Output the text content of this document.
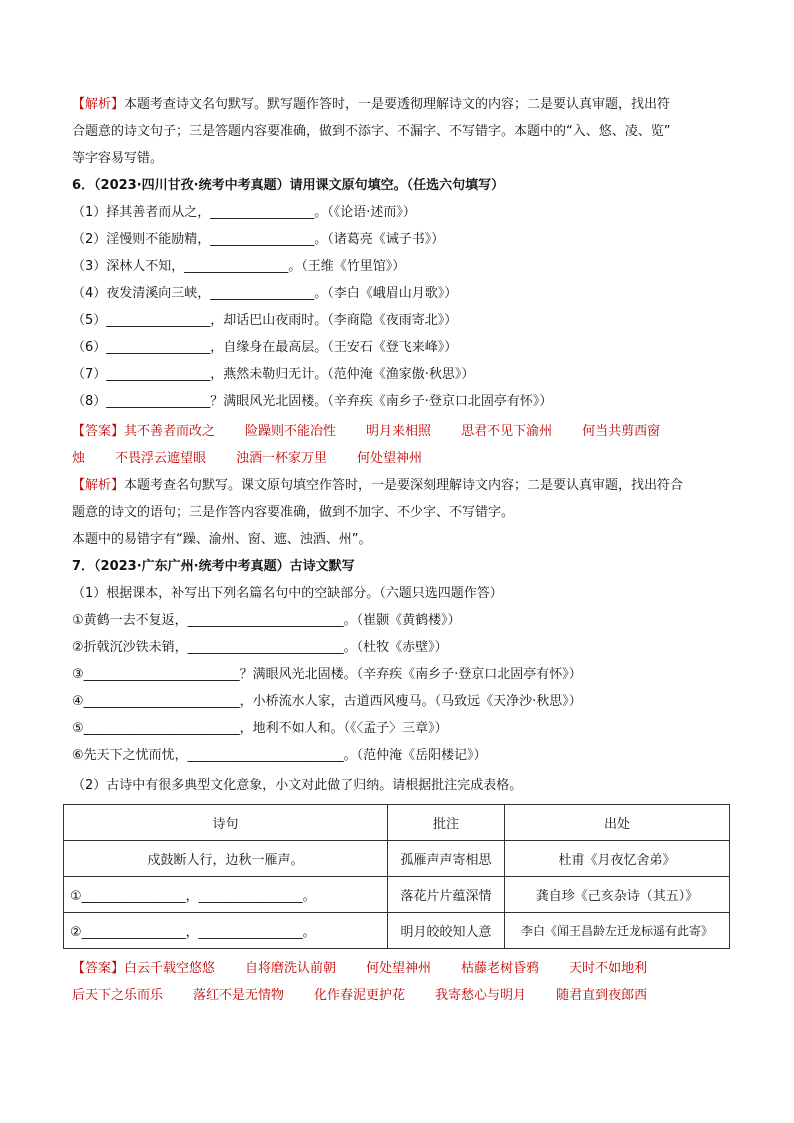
【解析】本题考查诗文名句默写。默写题作答时，一是要透彻理解诗文的内容；二是要认真审题，找出符
合题意的诗文句子；三是答题内容要准确，做到不添字、不漏字、不写错字。本题中的“入、悠、凌、览”
等字容易写错。
6．（2023·四川甘孜·统考中考真题）请用课文原句填空。（任选六句填写）
（1）择其善者而从之，________________。（《论语·述而》）
（2）淫慢则不能励精，________________。（诸葛亮《诫子书》）
（3）深林人不知，________________。（王维《竹里馆》）
（4）夜发清溪向三峡，________________。（李白《峨眉山月歌》）
（5）________________，却话巴山夜雨时。（李商隐《夜雨寄北》）
（6）________________，自缘身在最高层。（王安石《登飞来峰》）
（7）________________，燕然未勒归无计。（范仲淹《渔家傲·秋思》）
（8）________________？满眼风光北固楼。（辛弃疾《南乡子·登京口北固亭有怀》）
【答案】其不善者而改之 险躁则不能冶性 明月来相照 思君不见下渝州 何当共剪西窗
烛 不畏浮云遮望眼 浊酒一杯家万里 何处望神州
【解析】本题考查名句默写。课文原句填空作答时，一是要深刻理解诗文内容；二是要认真审题，找出符合
题意的诗文的语句；三是作答内容要准确，做到不加字、不少字、不写错字。
本题中的易错字有“躁、渝州、窗、遮、浊酒、州”。
7．（2023·广东广州·统考中考真题）古诗文默写
（1）根据课本，补写出下列名篇名句中的空缺部分。（六题只选四题作答）
①黄鹤一去不复返，________________________。（崔颢《黄鹤楼》）
②折戟沉沙铁未销，________________________。（杜牧《赤壁》）
③________________________？满眼风光北固楼。（辛弃疾《南乡子·登京口北固亭有怀》）
④________________________，小桥流水人家，古道西风瘦马。（马致远《天净沙·秋思》）
⑤________________________，地利不如人和。（《〈孟子〉三章》）
⑥先天下之忧而忧，________________________。（范仲淹《岳阳楼记》）
（2）古诗中有很多典型文化意象，小文对此做了归纳。请根据批注完成表格。
诗句	批注	出处
戍鼓断人行，边秋一雁声。	孤雁声声寄相思	杜甫《月夜忆舍弟》
①________________，________________。	落花片片蕴深情	龚自珍《己亥杂诗（其五）》
②________________，________________。	明月皎皎知人意	李白《闻王昌龄左迁龙标遥有此寄》
【答案】白云千载空悠悠 自将磨洗认前朝 何处望神州 枯藤老树昏鸦 天时不如地利
后天下之乐而乐 落红不是无情物 化作春泥更护花 我寄愁心与明月 随君直到夜郎西
